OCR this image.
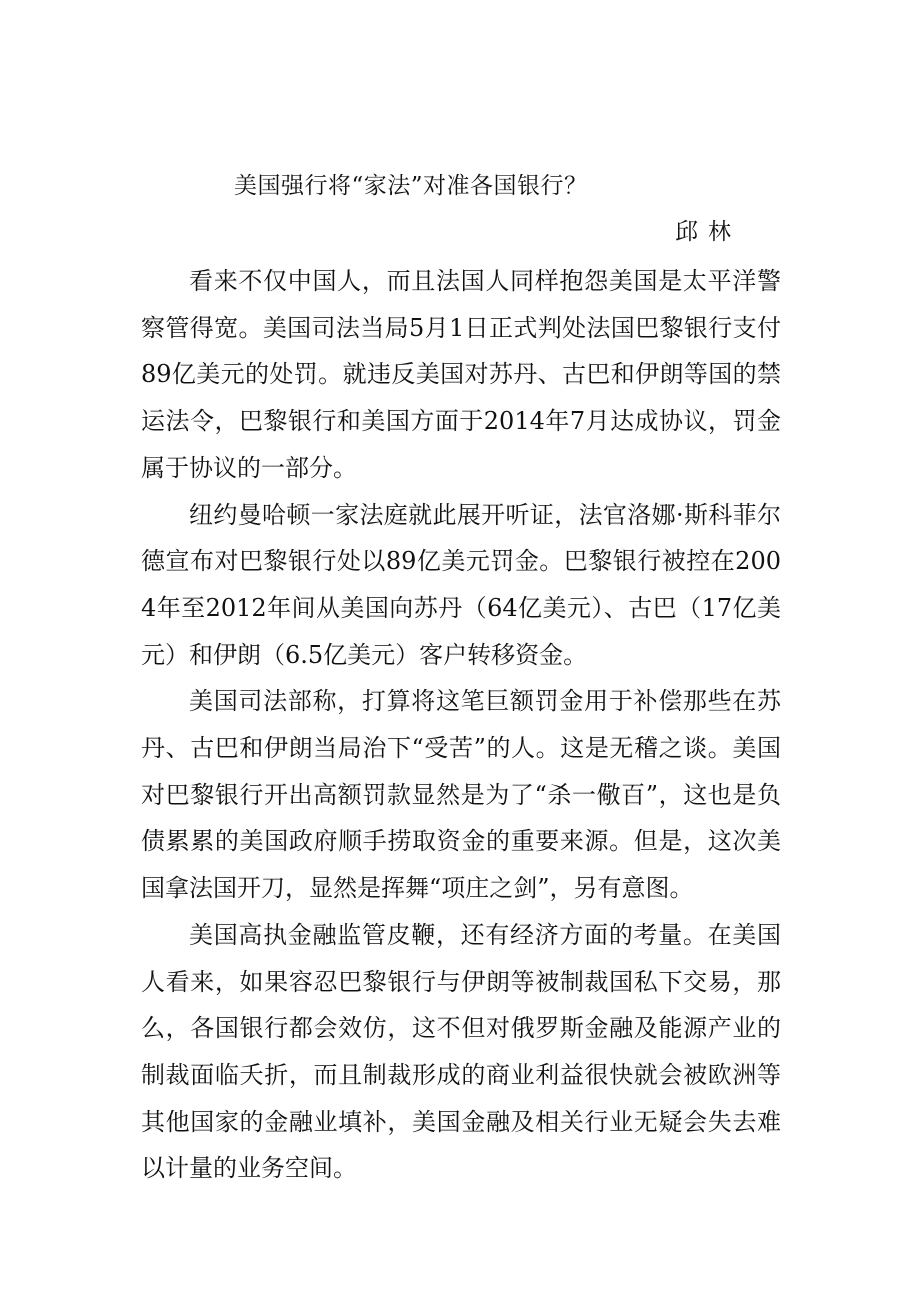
美国强行将“家法”对准各国银行？
邱林

看来不仅中国人，而且法国人同样抱怨美国是太平洋警察管得宽。美国司法当局5月1日正式判处法国巴黎银行支付89亿美元的处罚。就违反美国对苏丹、古巴和伊朗等国的禁运法令，巴黎银行和美国方面于2014年7月达成协议，罚金属于协议的一部分。

纽约曼哈顿一家法庭就此展开听证，法官洛娜·斯科菲尔德宣布对巴黎银行处以89亿美元罚金。巴黎银行被控在2004年至2012年间从美国向苏丹（64亿美元）、古巴（17亿美元）和伊朗（6.5亿美元）客户转移资金。

美国司法部称，打算将这笔巨额罚金用于补偿那些在苏丹、古巴和伊朗当局治下“受苦”的人。这是无稽之谈。美国对巴黎银行开出高额罚款显然是为了“杀一儆百”，这也是负债累累的美国政府顺手捞取资金的重要来源。但是，这次美国拿法国开刀，显然是挥舞“项庄之剑”，另有意图。

美国高执金融监管皮鞭，还有经济方面的考量。在美国人看来，如果容忍巴黎银行与伊朗等被制裁国私下交易，那么，各国银行都会效仿，这不但对俄罗斯金融及能源产业的制裁面临夭折，而且制裁形成的商业利益很快就会被欧洲等其他国家的金融业填补，美国金融及相关行业无疑会失去难以计量的业务空间。
